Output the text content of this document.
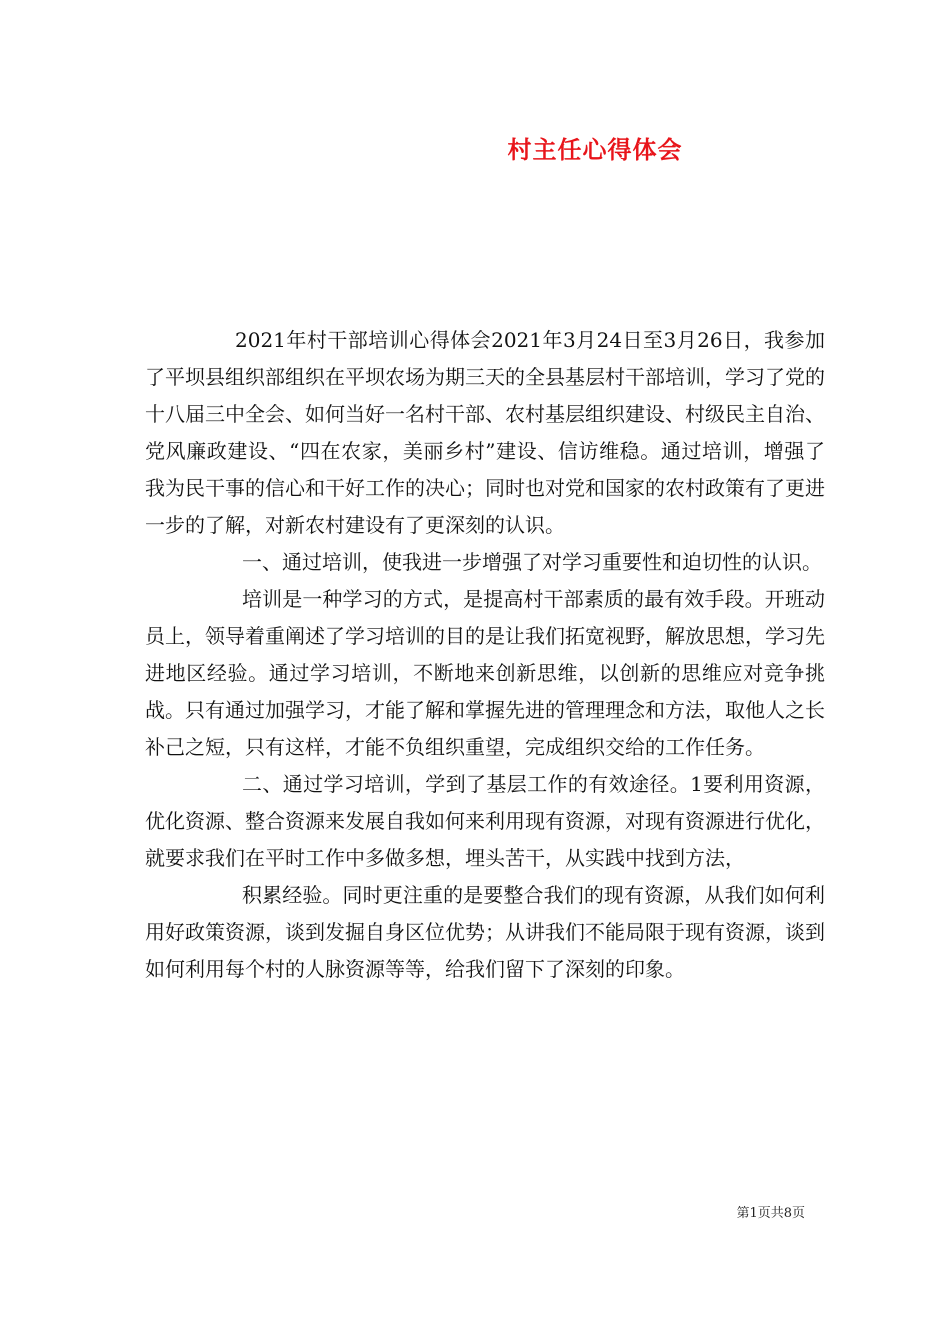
村主任心得体会

2021年村干部培训心得体会2021年3月24日至3月26日，我参加了平坝县组织部组织在平坝农场为期三天的全县基层村干部培训，学习了党的十八届三中全会、如何当好一名村干部、农村基层组织建设、村级民主自治、党风廉政建设、“四在农家，美丽乡村”建设、信访维稳。通过培训，增强了我为民干事的信心和干好工作的决心；同时也对党和国家的农村政策有了更进一步的了解，对新农村建设有了更深刻的认识。

一、通过培训，使我进一步增强了对学习重要性和迫切性的认识。

培训是一种学习的方式，是提高村干部素质的最有效手段。开班动员上，领导着重阐述了学习培训的目的是让我们拓宽视野，解放思想，学习先进地区经验。通过学习培训，不断地来创新思维，以创新的思维应对竞争挑战。只有通过加强学习，才能了解和掌握先进的管理理念和方法，取他人之长补己之短，只有这样，才能不负组织重望，完成组织交给的工作任务。

二、通过学习培训，学到了基层工作的有效途径。1要利用资源，优化资源、整合资源来发展自我如何来利用现有资源，对现有资源进行优化，就要求我们在平时工作中多做多想，埋头苦干，从实践中找到方法，

积累经验。同时更注重的是要整合我们的现有资源，从我们如何利用好政策资源，谈到发掘自身区位优势；从讲我们不能局限于现有资源，谈到如何利用每个村的人脉资源等等，给我们留下了深刻的印象。

第1页共8页
